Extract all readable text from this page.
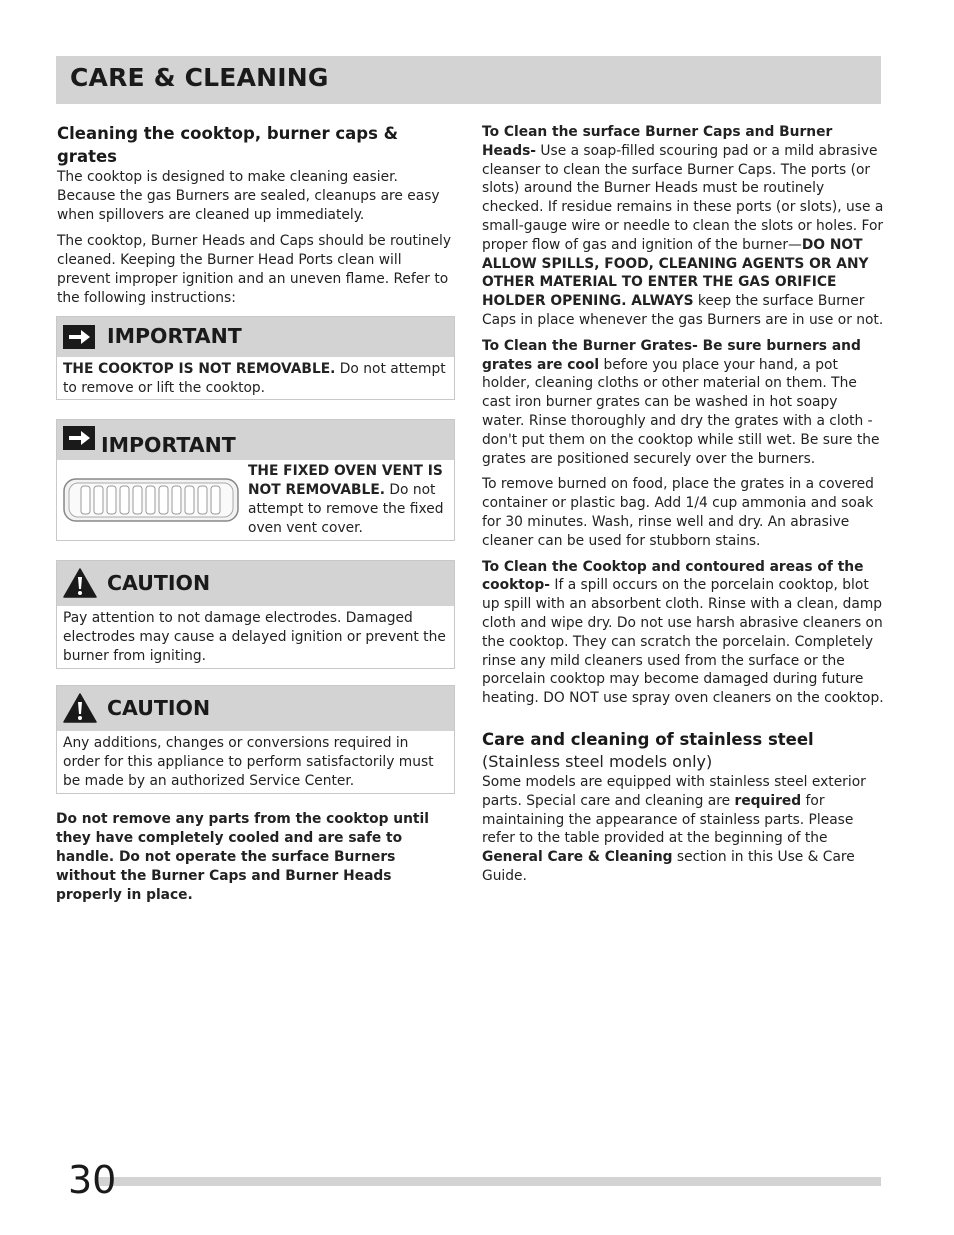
CARE & CLEANING

Cleaning the cooktop, burner caps & grates

The cooktop is designed to make cleaning easier. Because the gas Burners are sealed, cleanups are easy when spillovers are cleaned up immediately.

The cooktop, Burner Heads and Caps should be routinely cleaned. Keeping the Burner Head Ports clean will prevent improper ignition and an uneven flame. Refer to the following instructions:

IMPORTANT
THE COOKTOP IS NOT REMOVABLE. Do not attempt to remove or lift the cooktop.
IMPORTANT
THE FIXED OVEN VENT IS NOT REMOVABLE. Do not attempt to remove the fixed oven vent cover.
CAUTION
Pay attention to not damage electrodes. Damaged electrodes may cause a delayed ignition or prevent the burner from igniting.
CAUTION
Any additions, changes or conversions required in order for this appliance to perform satisfactorily must be made by an authorized Service Center.
Do not remove any parts from the cooktop until they have completely cooled and are safe to handle. Do not operate the surface Burners without the Burner Caps and Burner Heads properly in place.

To Clean the surface Burner Caps and Burner Heads- Use a soap-filled scouring pad or a mild abrasive cleanser to clean the surface Burner Caps. The ports (or slots) around the Burner Heads must be routinely checked. If residue remains in these ports (or slots), use a small-gauge wire or needle to clean the slots or holes. For proper flow of gas and ignition of the burner—DO NOT ALLOW SPILLS, FOOD, CLEANING AGENTS OR ANY OTHER MATERIAL TO ENTER THE GAS ORIFICE HOLDER OPENING. ALWAYS keep the surface Burner Caps in place whenever the gas Burners are in use or not.

To Clean the Burner Grates- Be sure burners and grates are cool before you place your hand, a pot holder, cleaning cloths or other material on them. The cast iron burner grates can be washed in hot soapy water. Rinse thoroughly and dry the grates with a cloth - don't put them on the cooktop while still wet. Be sure the grates are positioned securely over the burners.

To remove burned on food, place the grates in a covered container or plastic bag. Add 1/4 cup ammonia and soak for 30 minutes. Wash, rinse well and dry. An abrasive cleaner can be used for stubborn stains.

To Clean the Cooktop and contoured areas of the cooktop- If a spill occurs on the porcelain cooktop, blot up spill with an absorbent cloth. Rinse with a clean, damp cloth and wipe dry. Do not use harsh abrasive cleaners on the cooktop. They can scratch the porcelain. Completely rinse any mild cleaners used from the surface or the porcelain cooktop may become damaged during future heating. DO NOT use spray oven cleaners on the cooktop.

Care and cleaning of stainless steel
(Stainless steel models only)

Some models are equipped with stainless steel exterior parts. Special care and cleaning are required for maintaining the appearance of stainless parts. Please refer to the table provided at the beginning of the General Care & Cleaning section in this Use & Care Guide.

30
